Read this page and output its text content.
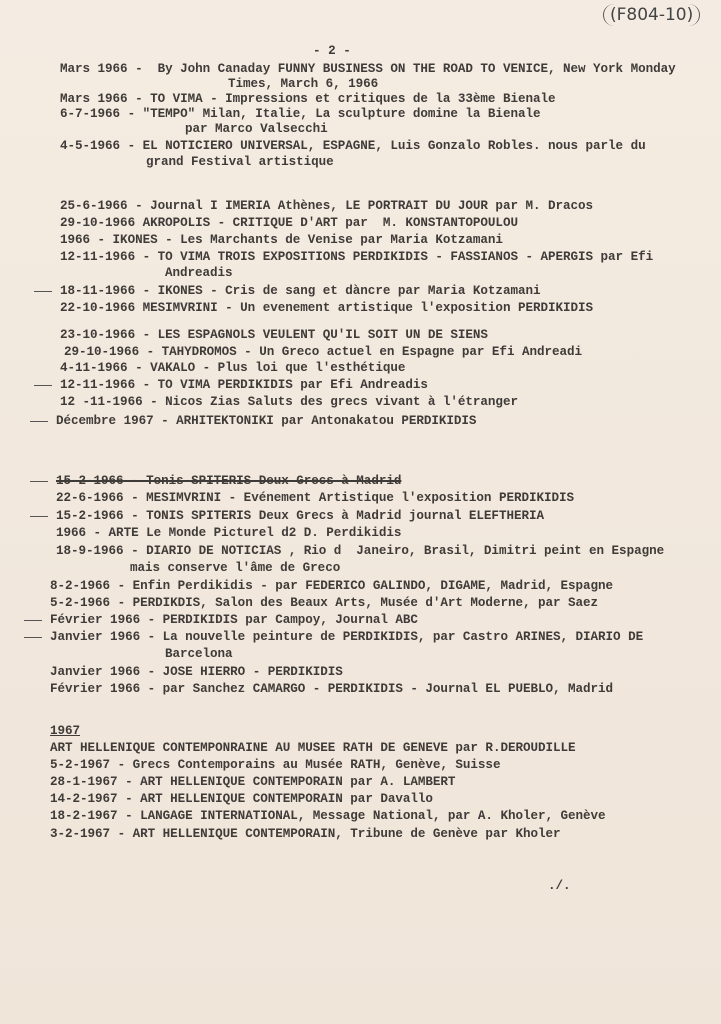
(F804-10)
- 2 -
Mars 1966 -  By John Canaday FUNNY BUSINESS ON THE ROAD TO VENICE, New York Monday
Times, March 6, 1966
Mars 1966 - TO VIMA - Impressions et critiques de la 33ème Bienale
6-7-1966 - "TEMPO" Milan, Italie, La sculpture domine la Bienale
par Marco Valsecchi
4-5-1966 - EL NOTICIERO UNIVERSAL, ESPAGNE, Luis Gonzalo Robles. nous parle du
grand Festival artistique
25-6-1966 - Journal I IMERIA Athènes, LE PORTRAIT DU JOUR par M. Dracos
29-10-1966 AKROPOLIS - CRITIQUE D'ART par  M. KONSTANTOPOULOU
1966 - IKONES - Les Marchants de Venise par Maria Kotzamani
12-11-1966 - TO VIMA TROIS EXPOSITIONS PERDIKIDIS - FASSIANOS - APERGIS par Efi
Andreadis
18-11-1966 - IKONES - Cris de sang et dàncre par Maria Kotzamani
22-10-1966 MESIMVRINI - Un evenement artistique l'exposition PERDIKIDIS
23-10-1966 - LES ESPAGNOLS VEULENT QU'IL SOIT UN DE SIENS
29-10-1966 - TAHYDROMOS - Un Greco actuel en Espagne par Efi Andreadi
4-11-1966 - VAKALO - Plus loi que l'esthétique
12-11-1966 - TO VIMA PERDIKIDIS par Efi Andreadis
12 -11-1966 - Nicos Zias Saluts des grecs vivant à l'étranger
Décembre 1967 - ARHITEKTONIKI par Antonakatou PERDIKIDIS
15-2-1966 - Tonis SPITERIS Deux Grecs à Madrid
22-6-1966 - MESIMVRINI - Evénement Artistique l'exposition PERDIKIDIS
15-2-1966 - TONIS SPITERIS Deux Grecs à Madrid journal ELEFTHERIA
1966 - ARTE Le Monde Picturel d2 D. Perdikidis
18-9-1966 - DIARIO DE NOTICIAS , Rio d  Janeiro, Brasil, Dimitri peint en Espagne
mais conserve l'âme de Greco
8-2-1966 - Enfin Perdikidis - par FEDERICO GALINDO, DIGAME, Madrid, Espagne
5-2-1966 - PERDIKDIS, Salon des Beaux Arts, Musée d'Art Moderne, par Saez
Février 1966 - PERDIKIDIS par Campoy, Journal ABC
Janvier 1966 - La nouvelle peinture de PERDIKIDIS, par Castro ARINES, DIARIO DE
Barcelona
Janvier 1966 - JOSE HIERRO - PERDIKIDIS
Février 1966 - par Sanchez CAMARGO - PERDIKIDIS - Journal EL PUEBLO, Madrid
1967
ART HELLENIQUE CONTEMPONRAINE AU MUSEE RATH DE GENEVE par R.DEROUDILLE
5-2-1967 - Grecs Contemporains au Musée RATH, Genève, Suisse
28-1-1967 - ART HELLENIQUE CONTEMPORAIN par A. LAMBERT
14-2-1967 - ART HELLENIQUE CONTEMPORAIN par Davallo
18-2-1967 - LANGAGE INTERNATIONAL, Message National, par A. Kholer, Genève
3-2-1967 - ART HELLENIQUE CONTEMPORAIN, Tribune de Genève par Kholer
./.
